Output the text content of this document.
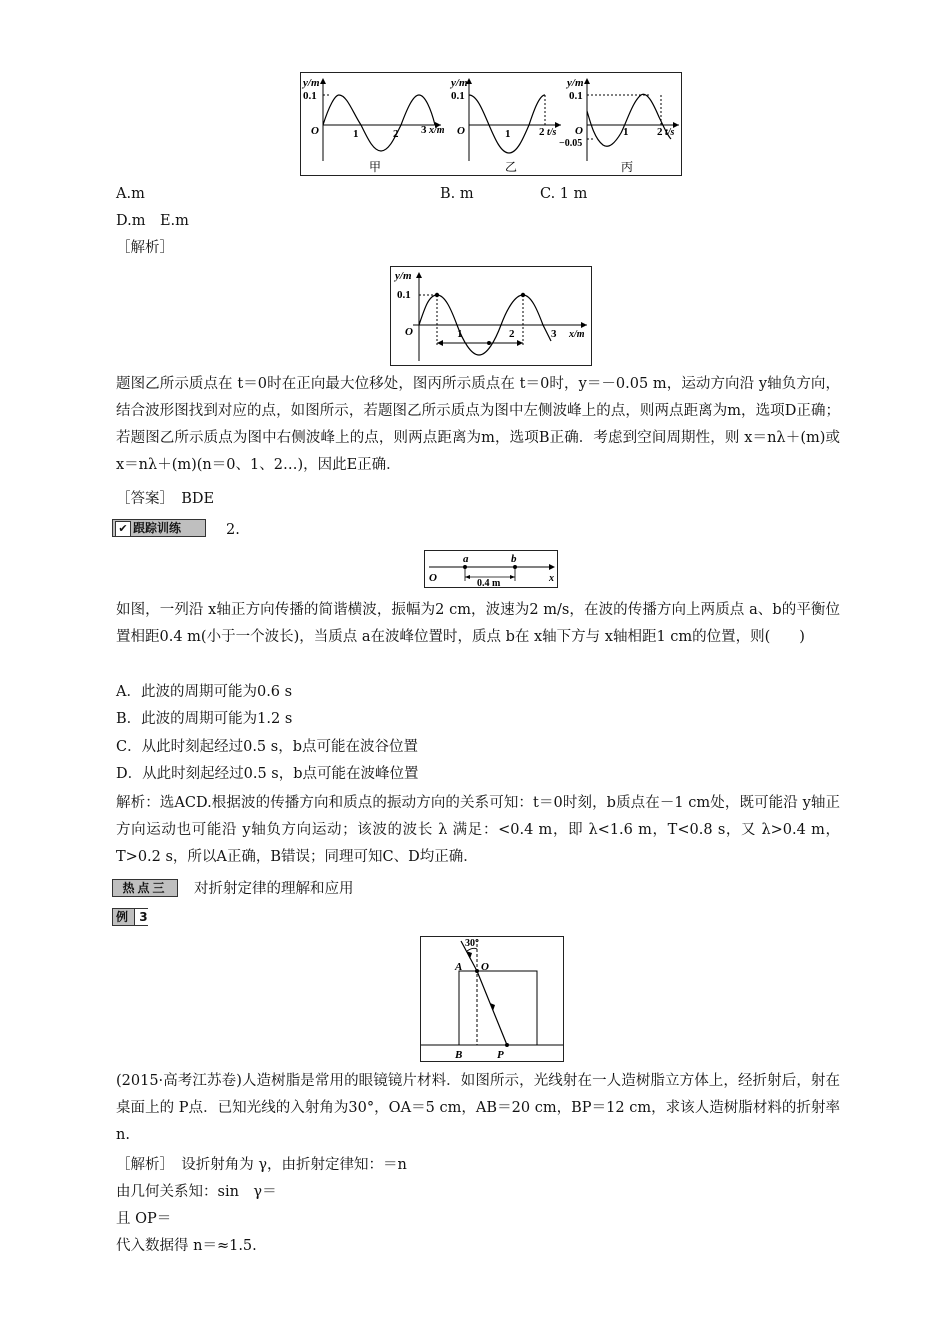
y/m
0.1
O	1	2 3 x/m
甲
y/m
0.1
O	1	2 t/s
乙
y/m
0.1
O
−0.05
1	2 t/s
丙
A.m	B. m	C. 1 m
D.m　E.m
［解析］
y/m
0.1
O	1	2	3 x/m
题图乙所示质点在 t＝0时在正向最大位移处，图丙所示质点在 t＝0时，y＝－0.05 m，运动方向沿 y轴负方向，结合波形图找到对应的点，如图所示，若题图乙所示质点为图中左侧波峰上的点，则两点距离为m，选项D正确；若题图乙所示质点为图中右侧波峰上的点，则两点距离为m，选项B正确．考虑到空间周期性，则 x＝nλ＋(m)或 x＝nλ＋(m)(n＝0、1、2…)，因此E正确．
［答案］　BDE
✔ 跟踪训练	2.
a	b
0.4 m
O	x
如图，一列沿 x轴正方向传播的简谐横波，振幅为2 cm，波速为2 m/s，在波的传播方向上两质点 a、b的平衡位置相距0.4 m(小于一个波长)，当质点 a在波峰位置时，质点 b在 x轴下方与 x轴相距1 cm的位置，则(　　)
A．此波的周期可能为0.6 s
B．此波的周期可能为1.2 s
C．从此时刻起经过0.5 s，b点可能在波谷位置
D．从此时刻起经过0.5 s，b点可能在波峰位置
解析：选ACD.根据波的传播方向和质点的振动方向的关系可知：t＝0时刻，b质点在－1 cm处，既可能沿 y轴正方向运动也可能沿 y轴负方向运动；该波的波长 λ 满足：<0.4 m，即 λ<1.6 m，T<0.8 s，又 λ>0.4 m，T>0.2 s，所以A正确，B错误；同理可知C、D均正确．
热点三	对折射定律的理解和应用
例 3
30°
A O
B	P
(2015·高考江苏卷)人造树脂是常用的眼镜镜片材料．如图所示，光线射在一人造树脂立方体上，经折射后，射在桌面上的 P点．已知光线的入射角为30°，OA＝5 cm，AB＝20 cm，BP＝12 cm，求该人造树脂材料的折射率 n.
［解析］　设折射角为 γ，由折射定律知：＝n
由几何关系知：sin　γ＝
且 OP＝
代入数据得 n＝≈1.5.
